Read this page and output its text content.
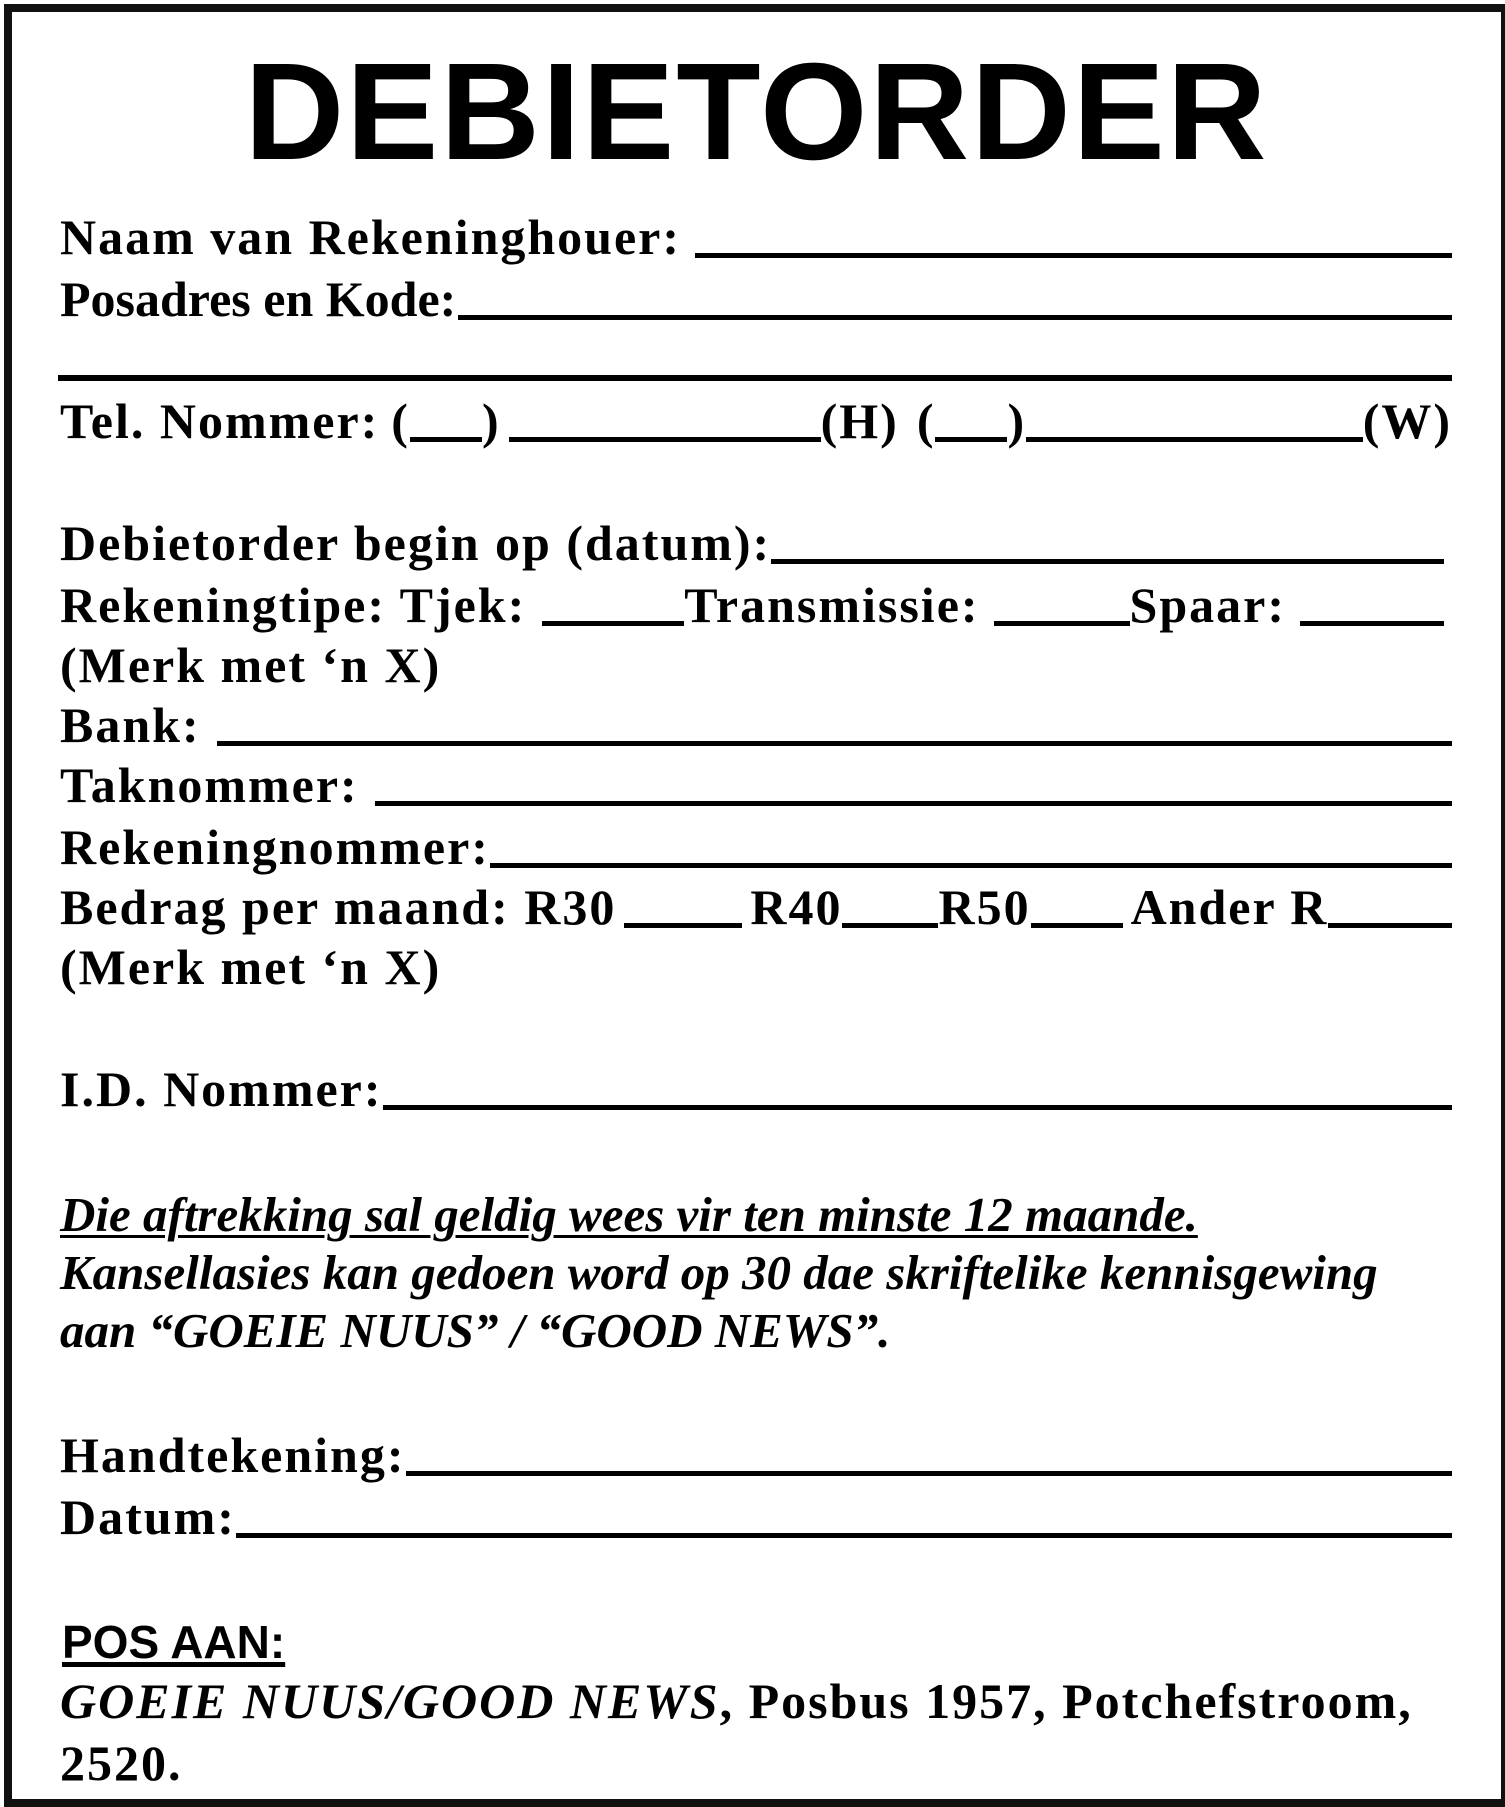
DEBIETORDER
Naam van Rekeninghouer:
Posadres en Kode:
Tel. Nommer: ( )	(H) ( )	(W)
Debietorder begin op (datum):
Rekeningtipe: Tjek:	Transmissie:	Spaar:
(Merk met ‘n X)
Bank:
Taknommer:
Rekeningnommer:
Bedrag per maand: R30	R40 R50 Ander R
(Merk met ‘n X)
I.D. Nommer:
Die aftrekking sal geldig wees vir ten minste 12 maande.
Kansellasies kan gedoen word op 30 dae skriftelike kennisgewing
aan “GOEIE NUUS” / “GOOD NEWS”.
Handtekening:
Datum:
POS AAN:
GOEIE NUUS/GOOD NEWS, Posbus 1957, Potchefstroom, 2520.
